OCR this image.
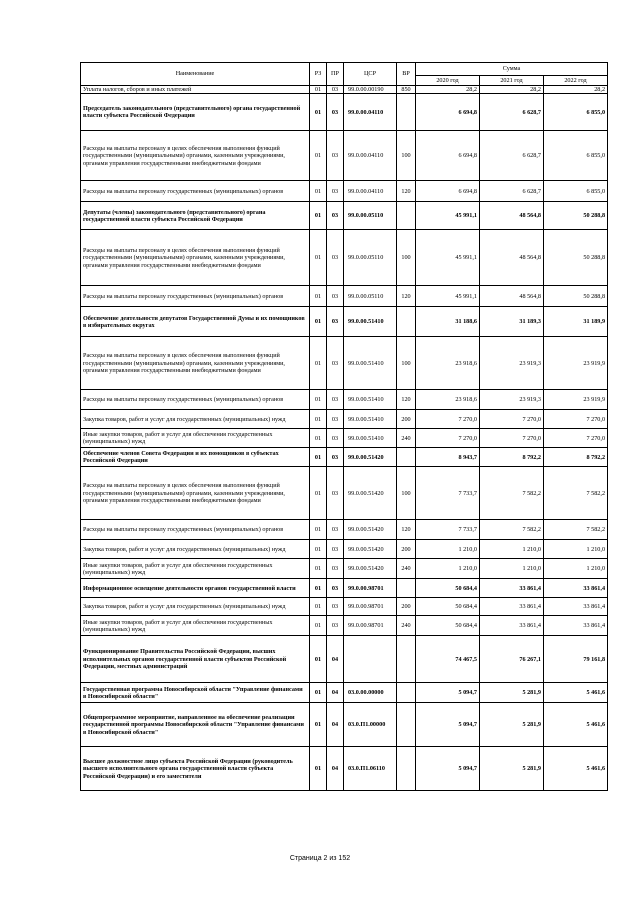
Наименование	РЗ	ПР	ЦСР	ВР	Сумма		
					2020 год	2021 год	2022 год
Уплата налогов, сборов и иных платежей	01	03	99.0.00.00190	850	28,2	28,2	28,2
Председатель законодательного (представительного) органа государственной власти субъекта Российской Федерации	01	03	99.0.00.04110		6 694,8	6 628,7	6 855,0
Расходы на выплаты персоналу в целях обеспечения выполнения функций государственными (муниципальными) органами, казенными учреждениями, органами управления государственными внебюджетными фондами	01	03	99.0.00.04110	100	6 694,8	6 628,7	6 855,0
Расходы на выплаты персоналу государственных (муниципальных) органов	01	03	99.0.00.04110	120	6 694,8	6 628,7	6 855,0
Депутаты (члены) законодательного (представительного) органа государственной власти субъекта Российской Федерации	01	03	99.0.00.05110		45 991,1	48 564,8	50 288,8
Расходы на выплаты персоналу в целях обеспечения выполнения функций государственными (муниципальными) органами, казенными учреждениями, органами управления государственными внебюджетными фондами	01	03	99.0.00.05110	100	45 991,1	48 564,8	50 288,8
Расходы на выплаты персоналу государственных (муниципальных) органов	01	03	99.0.00.05110	120	45 991,1	48 564,8	50 288,8
Обеспечение деятельности депутатов Государственной Думы и их помощников в избирательных округах	01	03	99.0.00.51410		31 188,6	31 189,3	31 189,9
Расходы на выплаты персоналу в целях обеспечения выполнения функций государственными (муниципальными) органами, казенными учреждениями, органами управления государственными внебюджетными фондами	01	03	99.0.00.51410	100	23 918,6	23 919,3	23 919,9
Расходы на выплаты персоналу государственных (муниципальных) органов	01	03	99.0.00.51410	120	23 918,6	23 919,3	23 919,9
Закупка товаров, работ и услуг для государственных (муниципальных) нужд	01	03	99.0.00.51410	200	7 270,0	7 270,0	7 270,0
Иные закупки товаров, работ и услуг для обеспечения государственных (муниципальных) нужд	01	03	99.0.00.51410	240	7 270,0	7 270,0	7 270,0
Обеспечение членов Совета Федерации и их помощников в субъектах Российской Федерации	01	03	99.0.00.51420		8 943,7	8 792,2	8 792,2
Расходы на выплаты персоналу в целях обеспечения выполнения функций государственными (муниципальными) органами, казенными учреждениями, органами управления государственными внебюджетными фондами	01	03	99.0.00.51420	100	7 733,7	7 582,2	7 582,2
Расходы на выплаты персоналу государственных (муниципальных) органов	01	03	99.0.00.51420	120	7 733,7	7 582,2	7 582,2
Закупка товаров, работ и услуг для государственных (муниципальных) нужд	01	03	99.0.00.51420	200	1 210,0	1 210,0	1 210,0
Иные закупки товаров, работ и услуг для обеспечения государственных (муниципальных) нужд	01	03	99.0.00.51420	240	1 210,0	1 210,0	1 210,0
Информационное освещение деятельности органов государственной власти	01	03	99.0.00.98701		50 684,4	33 861,4	33 861,4
Закупка товаров, работ и услуг для государственных (муниципальных) нужд	01	03	99.0.00.98701	200	50 684,4	33 861,4	33 861,4
Иные закупки товаров, работ и услуг для обеспечения государственных (муниципальных) нужд	01	03	99.0.00.98701	240	50 684,4	33 861,4	33 861,4
Функционирование Правительства Российской Федерации, высших исполнительных органов государственной власти субъектов Российской Федерации, местных администраций	01	04			74 467,5	76 267,1	79 161,8
Государственная программа Новосибирской области "Управление финансами в Новосибирской области"	01	04	03.0.00.00000		5 094,7	5 281,9	5 461,6
Общепрограммное мероприятие, направленное на обеспечение реализации государственной программы Новосибирской области "Управление финансами в Новосибирской области"	01	04	03.0.П1.00000		5 094,7	5 281,9	5 461,6
Высшее должностное лицо субъекта Российской Федерации (руководитель высшего исполнительного органа государственной власти субъекта Российской Федерации) и его заместители	01	04	03.0.П1.06110		5 094,7	5 281,9	5 461,6
Страница 2 из 152
